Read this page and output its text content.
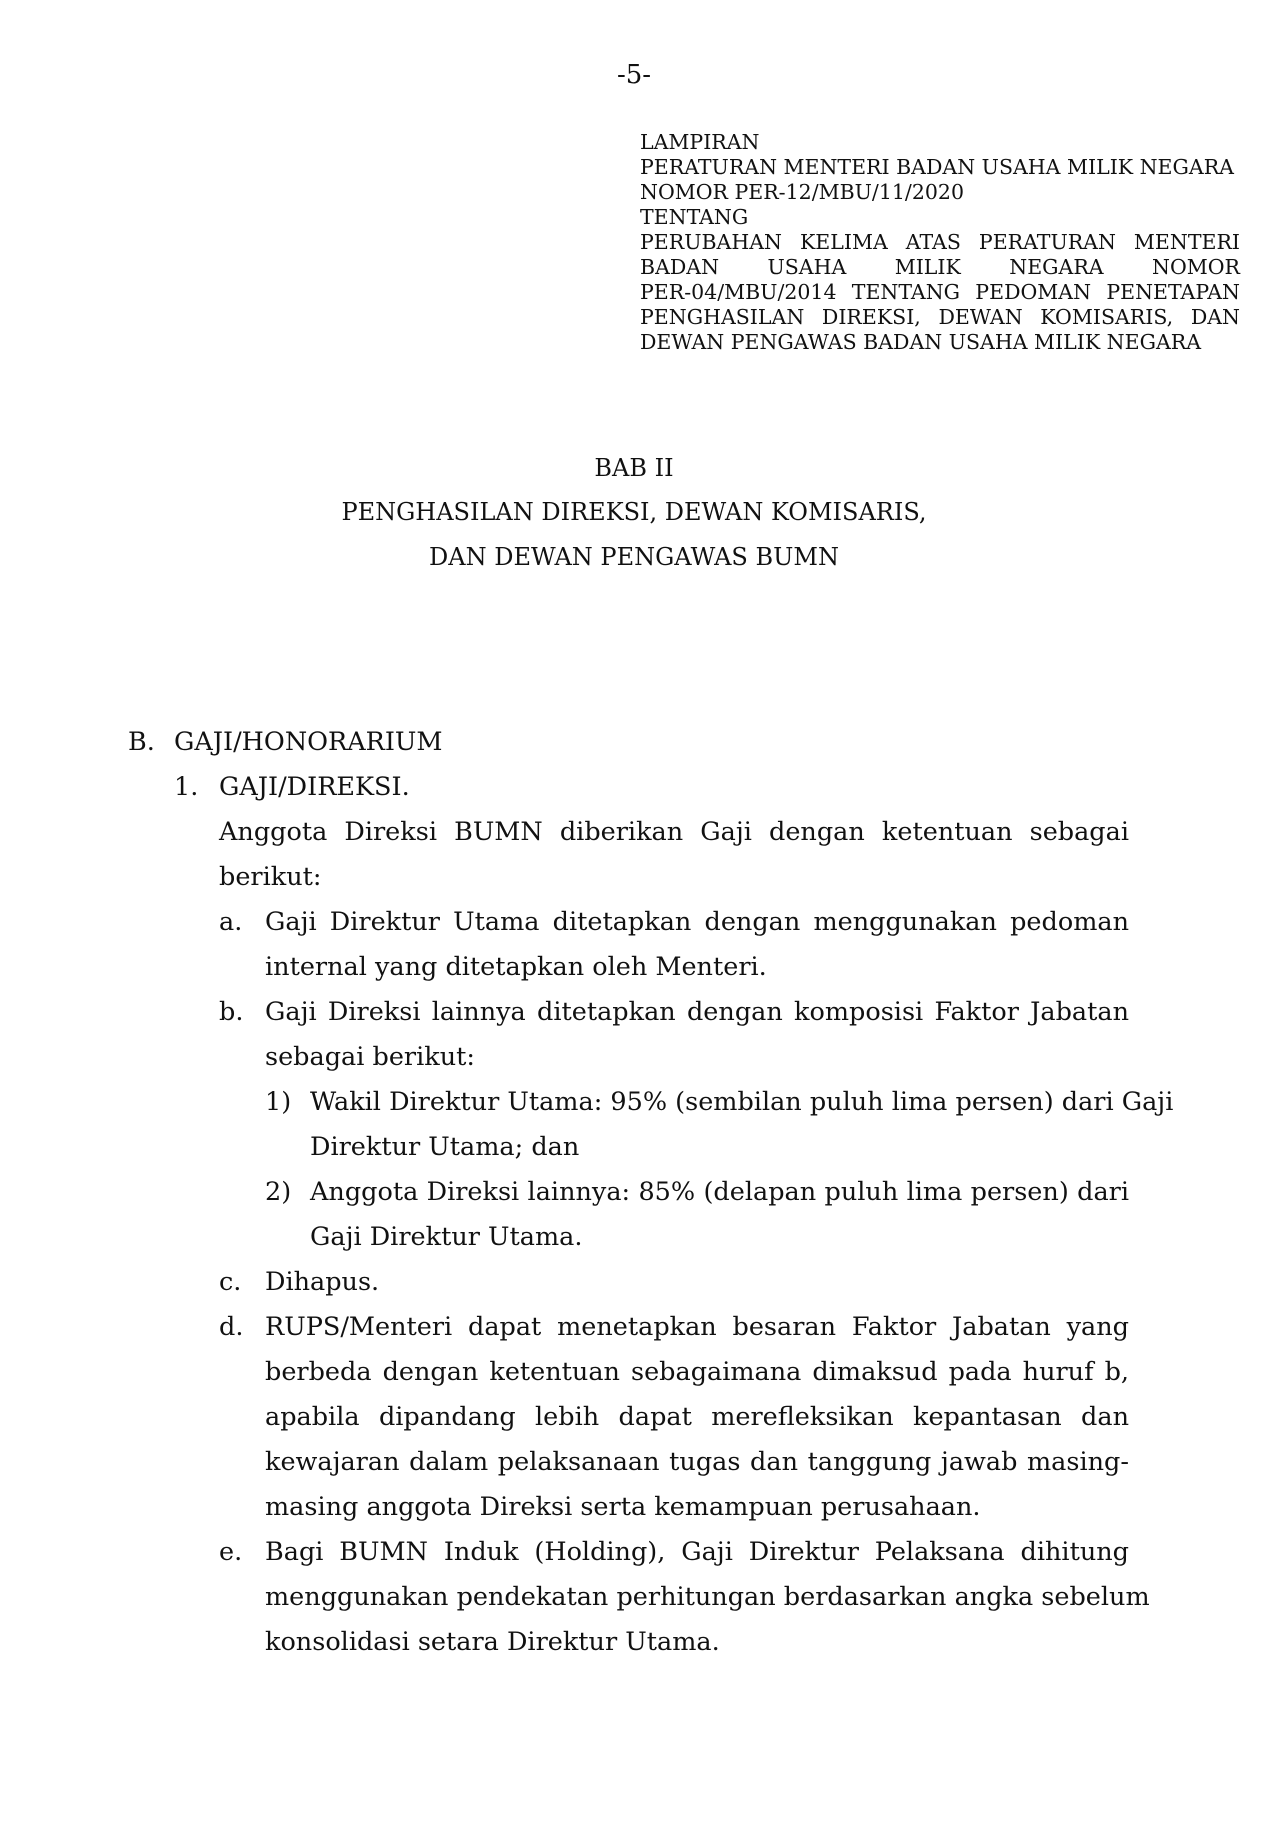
-5-
LAMPIRAN
PERATURAN MENTERI BADAN USAHA MILIK NEGARA
NOMOR PER-12/MBU/11/2020
TENTANG
PERUBAHAN KELIMA ATAS PERATURAN MENTERI
BADAN USAHA MILIK NEGARA NOMOR
PER-04/MBU/2014 TENTANG PEDOMAN PENETAPAN
PENGHASILAN DIREKSI, DEWAN KOMISARIS, DAN
DEWAN PENGAWAS BADAN USAHA MILIK NEGARA
BAB II
PENGHASILAN DIREKSI, DEWAN KOMISARIS,
DAN DEWAN PENGAWAS BUMN
B. GAJI/HONORARIUM
1. GAJI/DIREKSI.
Anggota Direksi BUMN diberikan Gaji dengan ketentuan sebagai
berikut:
a. Gaji Direktur Utama ditetapkan dengan menggunakan pedoman
internal yang ditetapkan oleh Menteri.
b. Gaji Direksi lainnya ditetapkan dengan komposisi Faktor Jabatan
sebagai berikut:
1) Wakil Direktur Utama: 95% (sembilan puluh lima persen) dari Gaji
Direktur Utama; dan
2) Anggota Direksi lainnya: 85% (delapan puluh lima persen) dari
Gaji Direktur Utama.
c. Dihapus.
d. RUPS/Menteri dapat menetapkan besaran Faktor Jabatan yang
berbeda dengan ketentuan sebagaimana dimaksud pada huruf b,
apabila dipandang lebih dapat merefleksikan kepantasan dan
kewajaran dalam pelaksanaan tugas dan tanggung jawab masing-
masing anggota Direksi serta kemampuan perusahaan.
e. Bagi BUMN Induk (Holding), Gaji Direktur Pelaksana dihitung
menggunakan pendekatan perhitungan berdasarkan angka sebelum
konsolidasi setara Direktur Utama.
